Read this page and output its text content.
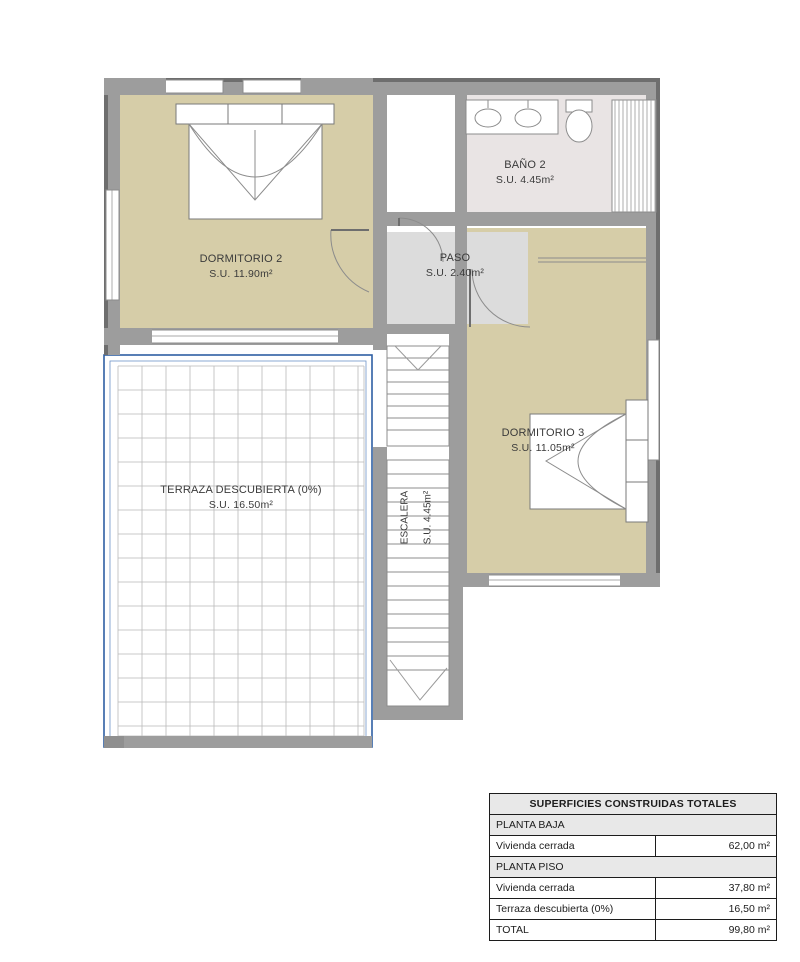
DORMITORIO 2
S.U. 11.90m²
BAÑO 2
S.U. 4.45m²
PASO
S.U. 2.40m²
DORMITORIO 3
S.U. 11.05m²
TERRAZA DESCUBIERTA (0%)
S.U. 16.50m²	ESCALERA S.U. 4.45m²
SUPERFICIES CONSTRUIDAS TOTALES	
PLANTA BAJA	
Vivienda cerrada	62,00 m²
PLANTA PISO	
Vivienda cerrada	37,80 m²
Terraza descubierta (0%)	16,50 m²
TOTAL	99,80 m²
